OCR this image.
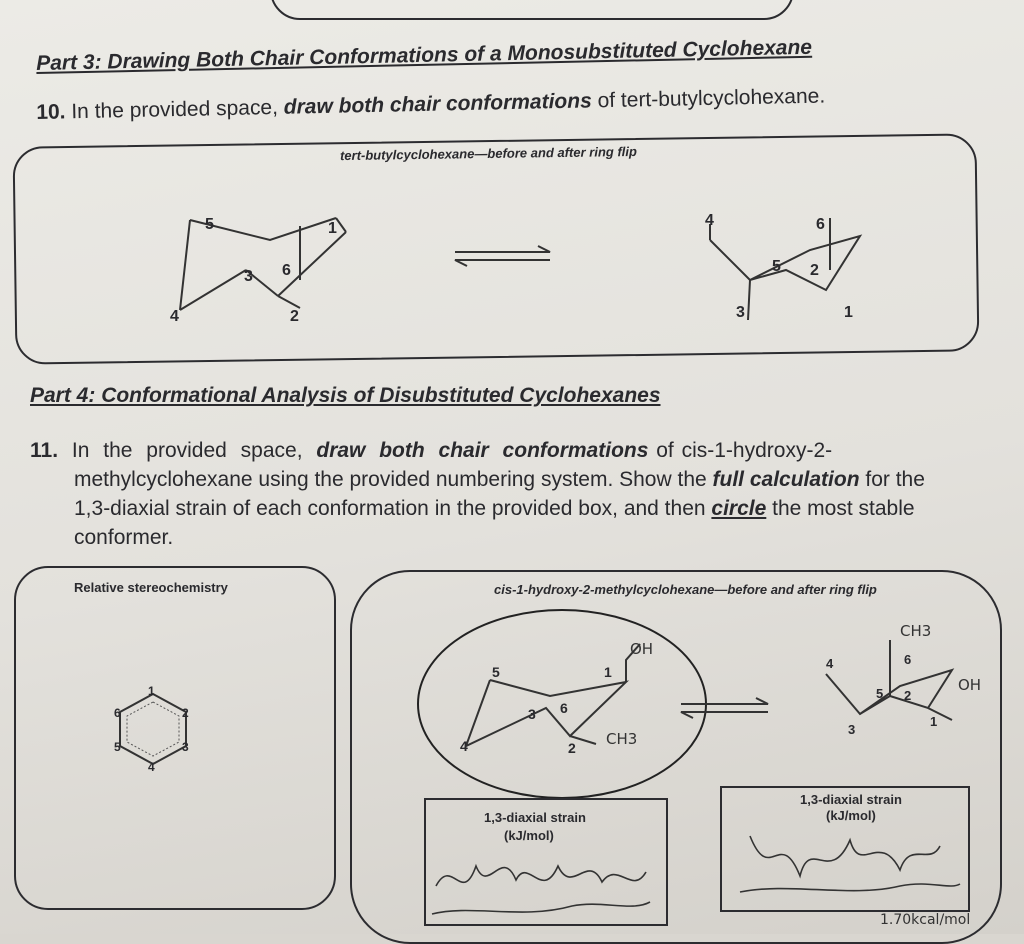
Part 3: Drawing Both Chair Conformations of a Monosubstituted Cyclohexane
10. In the provided space, draw both chair conformations of tert-butylcyclohexane.
tert-butylcyclohexane—before and after ring flip
5	1
3 6
4	2
4	6
5 2
3	1
Part 4: Conformational Analysis of Disubstituted Cyclohexanes
11. In the provided space, draw both chair conformations of cis-1-hydroxy-2-
methylcyclohexane using the provided numbering system. Show the full calculation for the
1,3-diaxial strain of each conformation in the provided box, and then circle the most stable
conformer.
Relative stereochemistry
1
2
3
4
5
6
cis-1-hydroxy-2-methylcyclohexane—before and after ring flip
5	1
3 6
4	2
OH
CH3
4	6
5 2
3
1
CH3
OH
1,3-diaxial strain
(kJ/mol)
1,3-diaxial strain
(kJ/mol)
1.70kcal/mol
